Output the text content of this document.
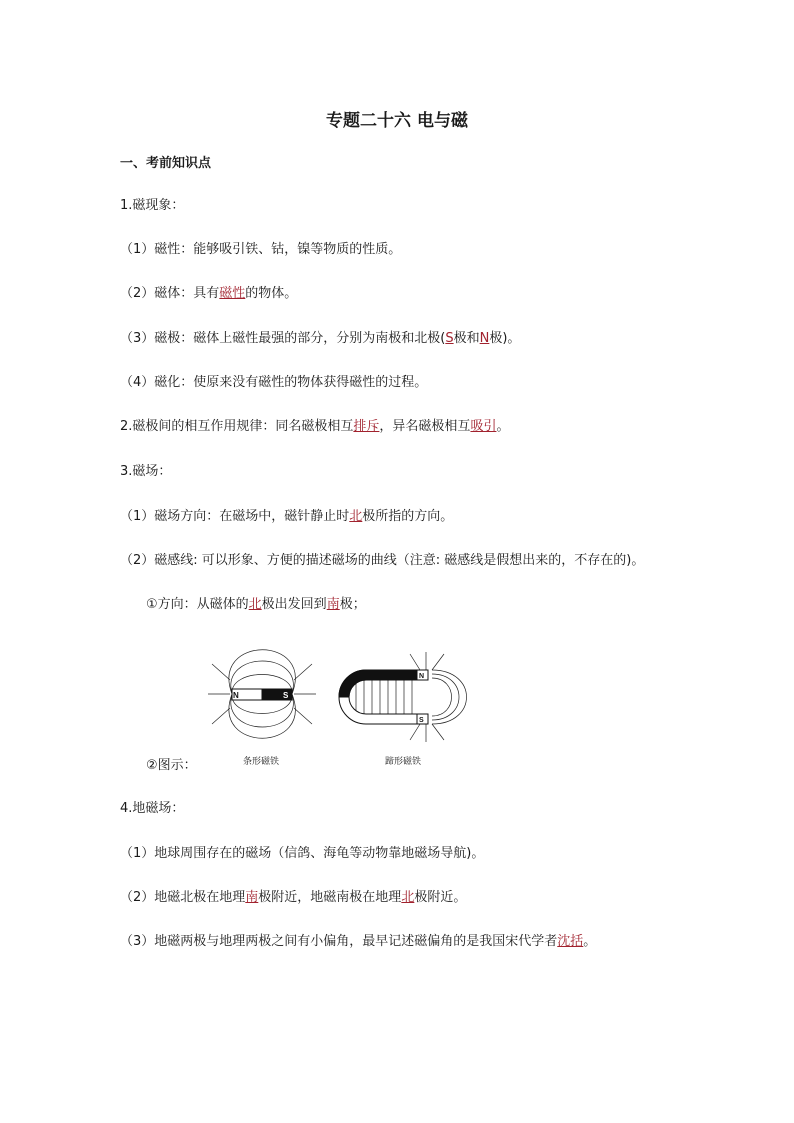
专题二十六 电与磁
一、考前知识点
1.磁现象：
（1）磁性：能够吸引铁、钴，镍等物质的性质。
（2）磁体：具有磁性的物体。
（3）磁极：磁体上磁性最强的部分，分别为南极和北极(S极和N极)。
（4）磁化：使原来没有磁性的物体获得磁性的过程。
2.磁极间的相互作用规律：同名磁极相互排斥，异名磁极相互吸引。
3.磁场：
（1）磁场方向：在磁场中，磁针静止时北极所指的方向。
（2）磁感线: 可以形象、方便的描述磁场的曲线（注意: 磁感线是假想出来的，不存在的)。
①方向：从磁体的北极出发回到南极；
②图示：
N	S
N
S
条形磁铁	蹄形磁铁
4.地磁场：
（1）地球周围存在的磁场（信鸽、海龟等动物靠地磁场导航)。
（2）地磁北极在地理南极附近，地磁南极在地理北极附近。
（3）地磁两极与地理两极之间有小偏角，最早记述磁偏角的是我国宋代学者沈括。
